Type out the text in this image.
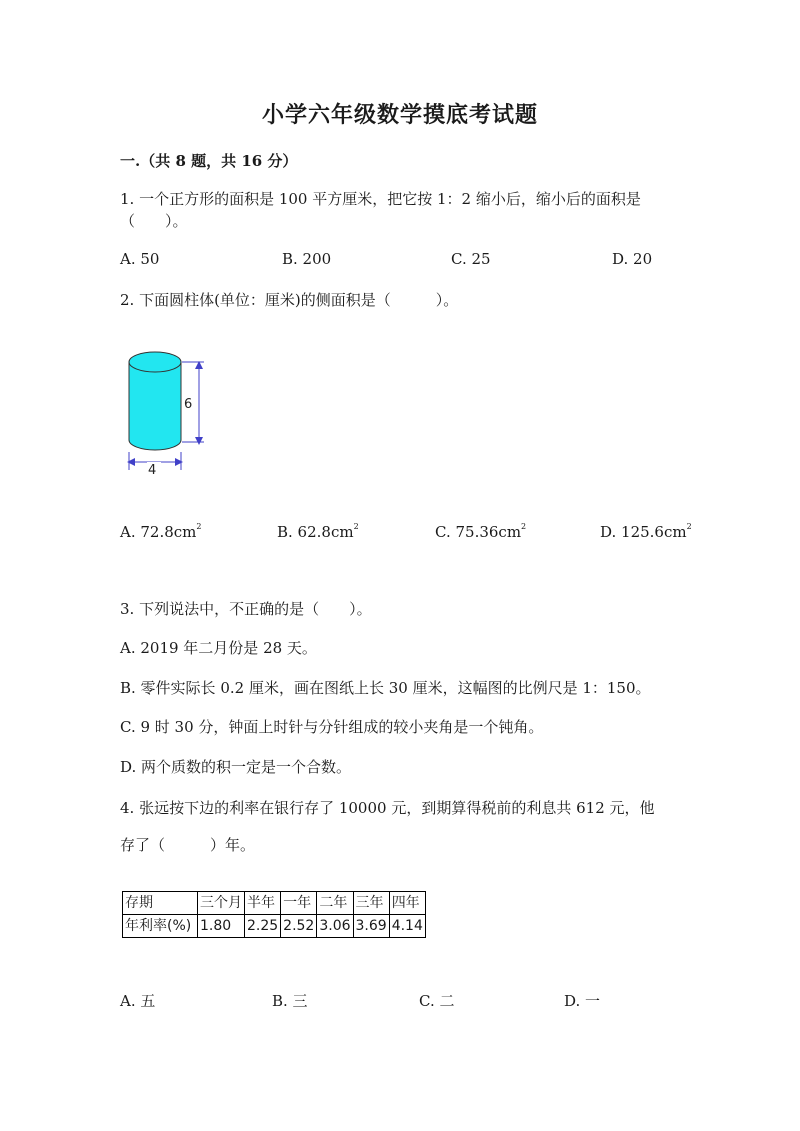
小学六年级数学摸底考试题
一.（共 8 题，共 16 分）
1. 一个正方形的面积是 100 平方厘米，把它按 1：2 缩小后，缩小后的面积是
（　　）。
A. 50	B. 200	C. 25	D. 20
2. 下面圆柱体(单位：厘米)的侧面积是（　　　）。
6
4
A. $72.8cm^2$	B. $62.8cm^2$	C. $75.36cm^2$	D. $125.6cm^2$
3. 下列说法中，不正确的是（　　）。
A. 2019 年二月份是 28 天。
B. 零件实际长 0.2 厘米，画在图纸上长 30 厘米，这幅图的比例尺是 1：150。
C. 9 时 30 分，钟面上时针与分针组成的较小夹角是一个钝角。
D. 两个质数的积一定是一个合数。
4. 张远按下边的利率在银行存了 10000 元，到期算得税前的利息共 612 元，他
存了（　　　）年。
存期	三个月	半年	一年	二年	三年	四年
年利率(%)	1.80	2.25	2.52	3.06	3.69	4.14
A. 五	B. 三	C. 二	D. 一
